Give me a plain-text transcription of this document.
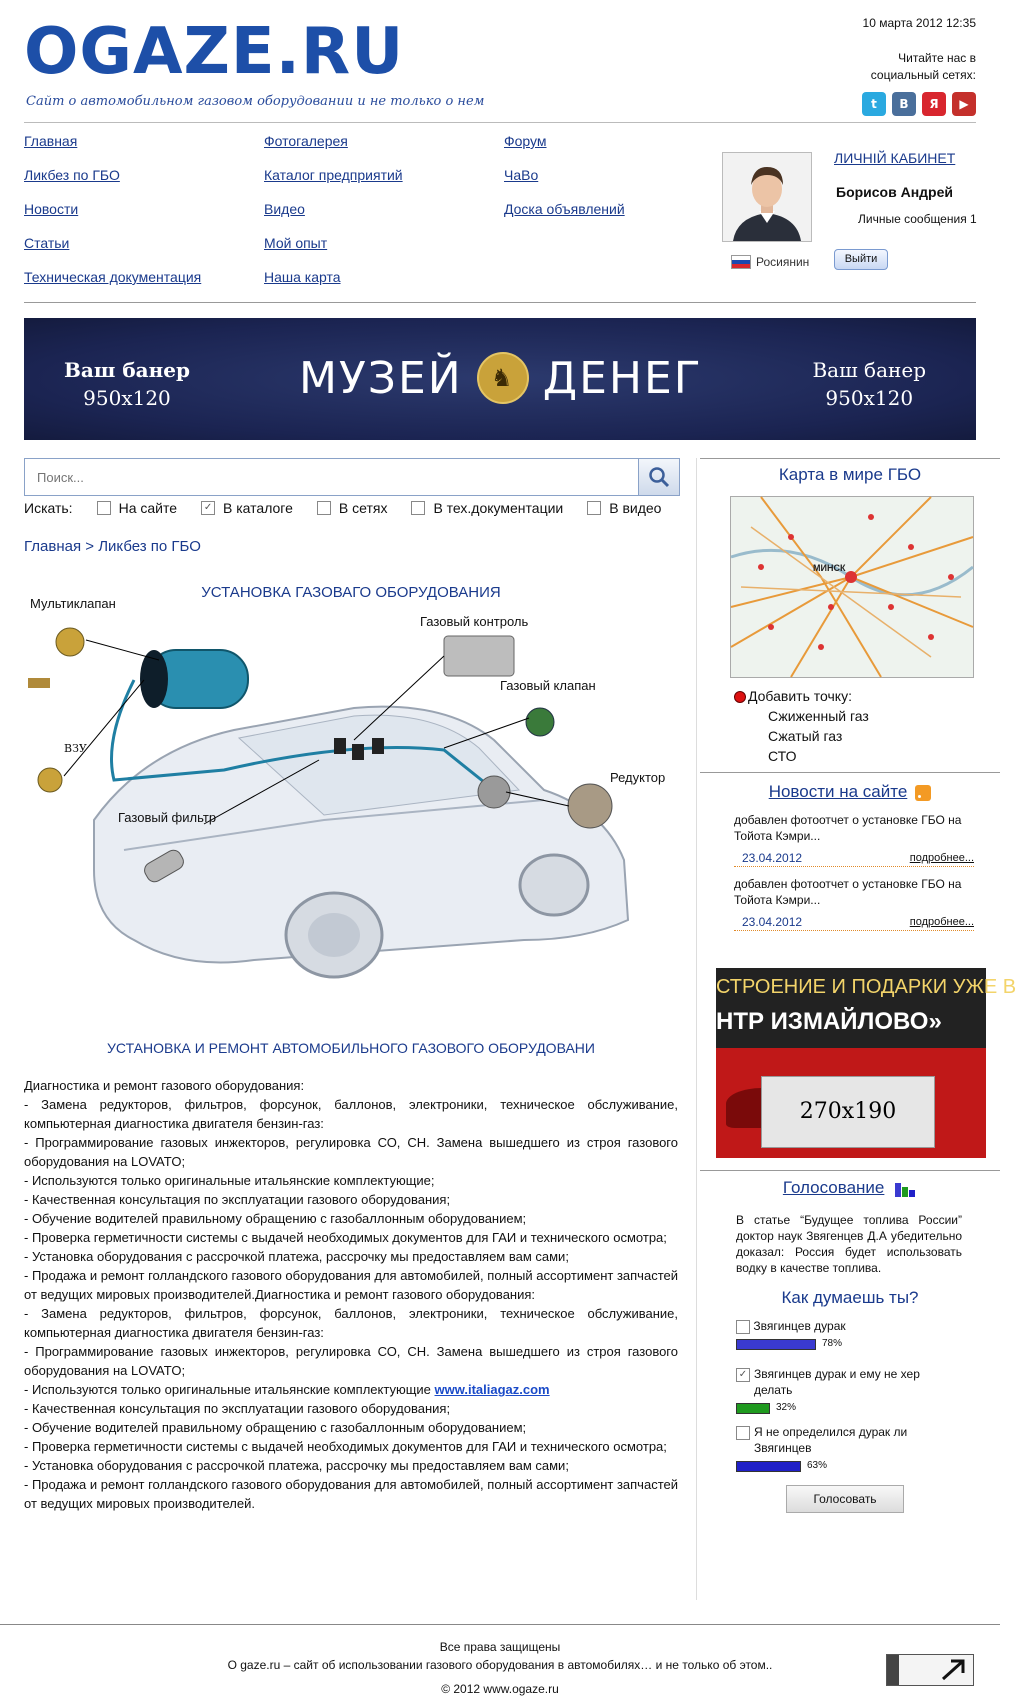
OGAZE.RU
Сайт о автомобильном газовом оборудовании и не только о нем
10 марта 2012 12:35
Читайте нас в социальный сетях:
t В Я ▶
Главная
Ликбез по ГБО
Новости
Статьи
Техническая документация
Фотогалерея
Каталог предприятий
Видео
Мой опыт
Наша карта
Форум
ЧаВо
Доска объявлений
ЛИЧНІЙ КАБИНЕТ
Борисов Андрей
Личные сообщения 1
Росиянин	Выйти
Ваш банер
950x120	МУЗЕЙ	♞ ДЕНЕГ	Ваш банер
950x120
Поиск...
Искать:	На сайте	✓ В каталоге	В сетях	В тех.документации	В видео
Главная > Ликбез по ГБО
УСТАНОВКА ГАЗОВАГО ОБОРУДОВАНИЯ
Мультиклапан
Газовый контроль
Газовый клапан
Редуктор
ВЗУ
Газовый фильтр
УСТАНОВКА И РЕМОНТ АВТОМОБИЛЬНОГО ГАЗОВОГО ОБОРУДОВАНИ

Диагностика и ремонт газового оборудования:

- Замена редукторов, фильтров, форсунок, баллонов, электроники, техническое обслуживание, компьютерная диагностика двигателя бензин-газ:

- Программирование газовых инжекторов, регулировка СО, СН. Замена вышедшего из строя газового оборудования на LOVATO;

- Используются только оригинальные итальянские комплектующие;

- Качественная консультация по эксплуатации газового оборудования;

- Обучение водителей правильному обращению с газобаллонным оборудованием;

- Проверка герметичности системы с выдачей необходимых документов для ГАИ и технического осмотра;

- Установка оборудования с рассрочкой платежа, рассрочку мы предоставляем вам сами;

- Продажа и ремонт голландского газового оборудования для автомобилей, полный ассортимент запчастей от ведущих мировых производителей.Диагностика и ремонт газового оборудования:

- Замена редукторов, фильтров, форсунок, баллонов, электроники, техническое обслуживание, компьютерная диагностика двигателя бензин-газ:

- Программирование газовых инжекторов, регулировка СО, СН. Замена вышедшего из строя газового оборудования на LOVATO;

- Используются только оригинальные итальянские комплектующие www.italiagaz.com

- Качественная консультация по эксплуатации газового оборудования;

- Обучение водителей правильному обращению с газобаллонным оборудованием;

- Проверка герметичности системы с выдачей необходимых документов для ГАИ и технического осмотра;

- Установка оборудования с рассрочкой платежа, рассрочку мы предоставляем вам сами;

- Продажа и ремонт голландского газового оборудования для автомобилей, полный ассортимент запчастей от ведущих мировых производителей.

Карта в мире ГБО
МИНСК
Добавить точку:
Сжиженный газ
Сжатый газ
СТО
Новости на сайте
добавлен фотоотчет о установке ГБО на Тойота Кэмри...
23.04.2012	подробнее...
добавлен фотоотчет о установке ГБО на Тойота Кэмри...
23.04.2012	подробнее...
СТРОЕНИЕ И ПОДАРКИ УЖЕ В
НТР ИЗМАЙЛОВО»
270x190
Голосование
В статье “Будущее топлива России” доктор наук Звягенцев Д.А убедительно доказал: Россия будет использовать водку в качестве топлива.
Как думаешь ты?
Звягинцев дурак
78%
✓ Звягинцев дурак и ему не хер делать
32%
Я не определился дурак ли Звягинцев
63%
Голосовать
Все права защищены
О gaze.ru – сайт об использовании газового оборудования в автомобилях… и не только об этом..
© 2012 www.ogaze.ru
